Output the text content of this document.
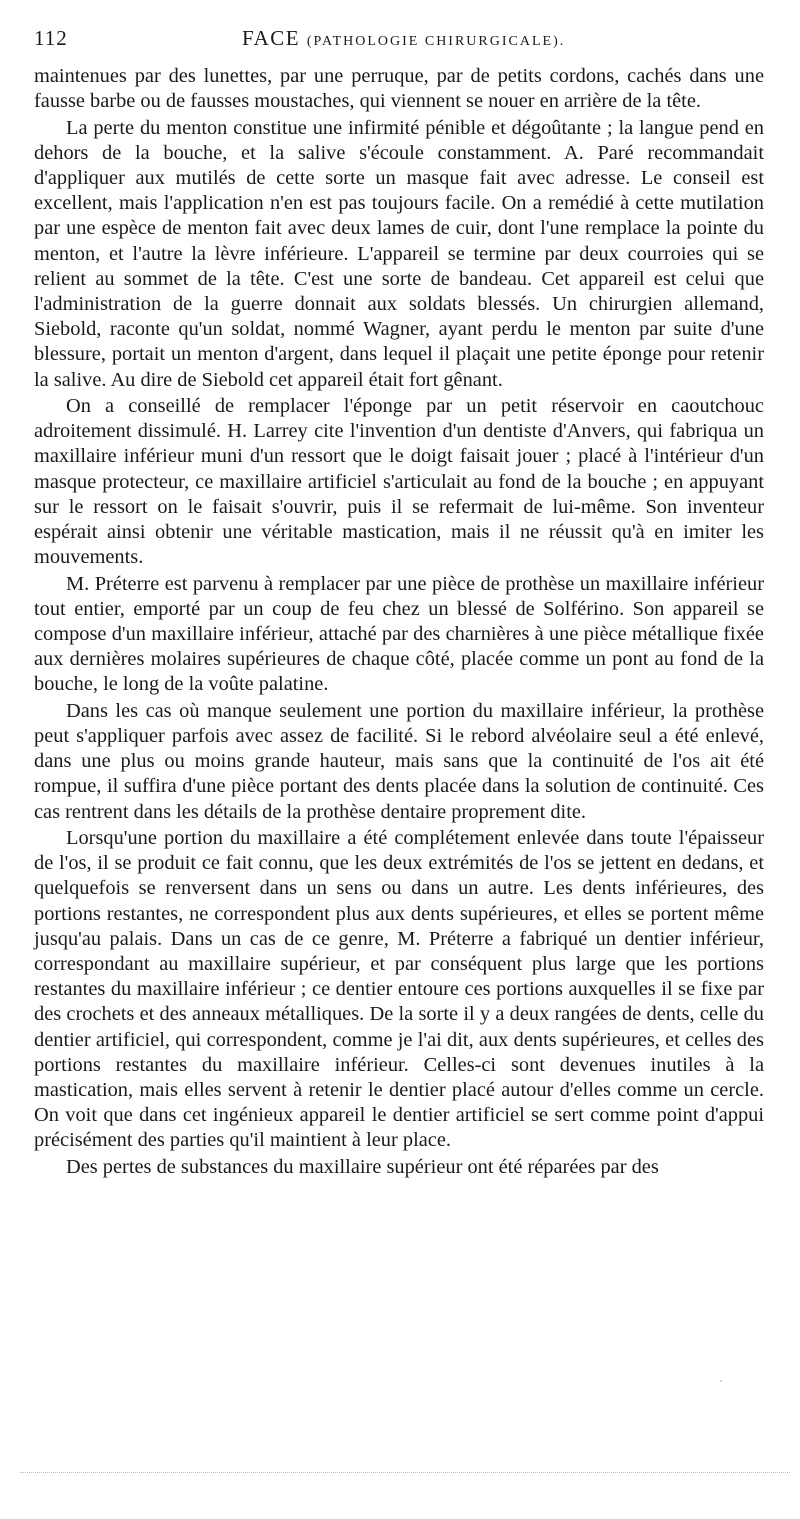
112	FACE (PATHOLOGIE CHIRURGICALE).

maintenues par des lunettes, par une perruque, par de petits cordons, cachés dans une fausse barbe ou de fausses moustaches, qui viennent se nouer en arrière de la tête.

La perte du menton constitue une infirmité pénible et dégoûtante ; la langue pend en dehors de la bouche, et la salive s'écoule constamment. A. Paré recommandait d'appliquer aux mutilés de cette sorte un masque fait avec adresse. Le conseil est excellent, mais l'application n'en est pas toujours facile. On a remédié à cette mutilation par une espèce de menton fait avec deux lames de cuir, dont l'une remplace la pointe du menton, et l'autre la lèvre inférieure. L'appareil se termine par deux courroies qui se relient au sommet de la tête. C'est une sorte de bandeau. Cet appareil est celui que l'administration de la guerre donnait aux soldats blessés. Un chirurgien allemand, Siebold, raconte qu'un soldat, nommé Wagner, ayant perdu le menton par suite d'une blessure, portait un menton d'argent, dans lequel il plaçait une petite éponge pour retenir la salive. Au dire de Siebold cet appareil était fort gênant.

On a conseillé de remplacer l'éponge par un petit réservoir en caoutchouc adroitement dissimulé. H. Larrey cite l'invention d'un dentiste d'Anvers, qui fabriqua un maxillaire inférieur muni d'un ressort que le doigt faisait jouer ; placé à l'intérieur d'un masque protecteur, ce maxillaire artificiel s'articulait au fond de la bouche ; en appuyant sur le ressort on le faisait s'ouvrir, puis il se refermait de lui-même. Son inventeur espérait ainsi obtenir une véritable mastication, mais il ne réussit qu'à en imiter les mouvements.

M. Préterre est parvenu à remplacer par une pièce de prothèse un maxillaire inférieur tout entier, emporté par un coup de feu chez un blessé de Solférino. Son appareil se compose d'un maxillaire inférieur, attaché par des charnières à une pièce métallique fixée aux dernières molaires supérieures de chaque côté, placée comme un pont au fond de la bouche, le long de la voûte palatine.

Dans les cas où manque seulement une portion du maxillaire inférieur, la prothèse peut s'appliquer parfois avec assez de facilité. Si le rebord alvéolaire seul a été enlevé, dans une plus ou moins grande hauteur, mais sans que la continuité de l'os ait été rompue, il suffira d'une pièce portant des dents placée dans la solution de continuité. Ces cas rentrent dans les détails de la prothèse dentaire proprement dite.

Lorsqu'une portion du maxillaire a été complétement enlevée dans toute l'épaisseur de l'os, il se produit ce fait connu, que les deux extrémités de l'os se jettent en dedans, et quelquefois se renversent dans un sens ou dans un autre. Les dents inférieures, des portions restantes, ne correspondent plus aux dents supérieures, et elles se portent même jusqu'au palais. Dans un cas de ce genre, M. Préterre a fabriqué un dentier inférieur, correspondant au maxillaire supérieur, et par conséquent plus large que les portions restantes du maxillaire inférieur ; ce dentier entoure ces portions auxquelles il se fixe par des crochets et des anneaux métalliques. De la sorte il y a deux rangées de dents, celle du dentier artificiel, qui correspondent, comme je l'ai dit, aux dents supérieures, et celles des portions restantes du maxillaire inférieur. Celles-ci sont devenues inutiles à la mastication, mais elles servent à retenir le dentier placé autour d'elles comme un cercle. On voit que dans cet ingénieux appareil le dentier artificiel se sert comme point d'appui précisément des parties qu'il maintient à leur place.

Des pertes de substances du maxillaire supérieur ont été réparées par des
